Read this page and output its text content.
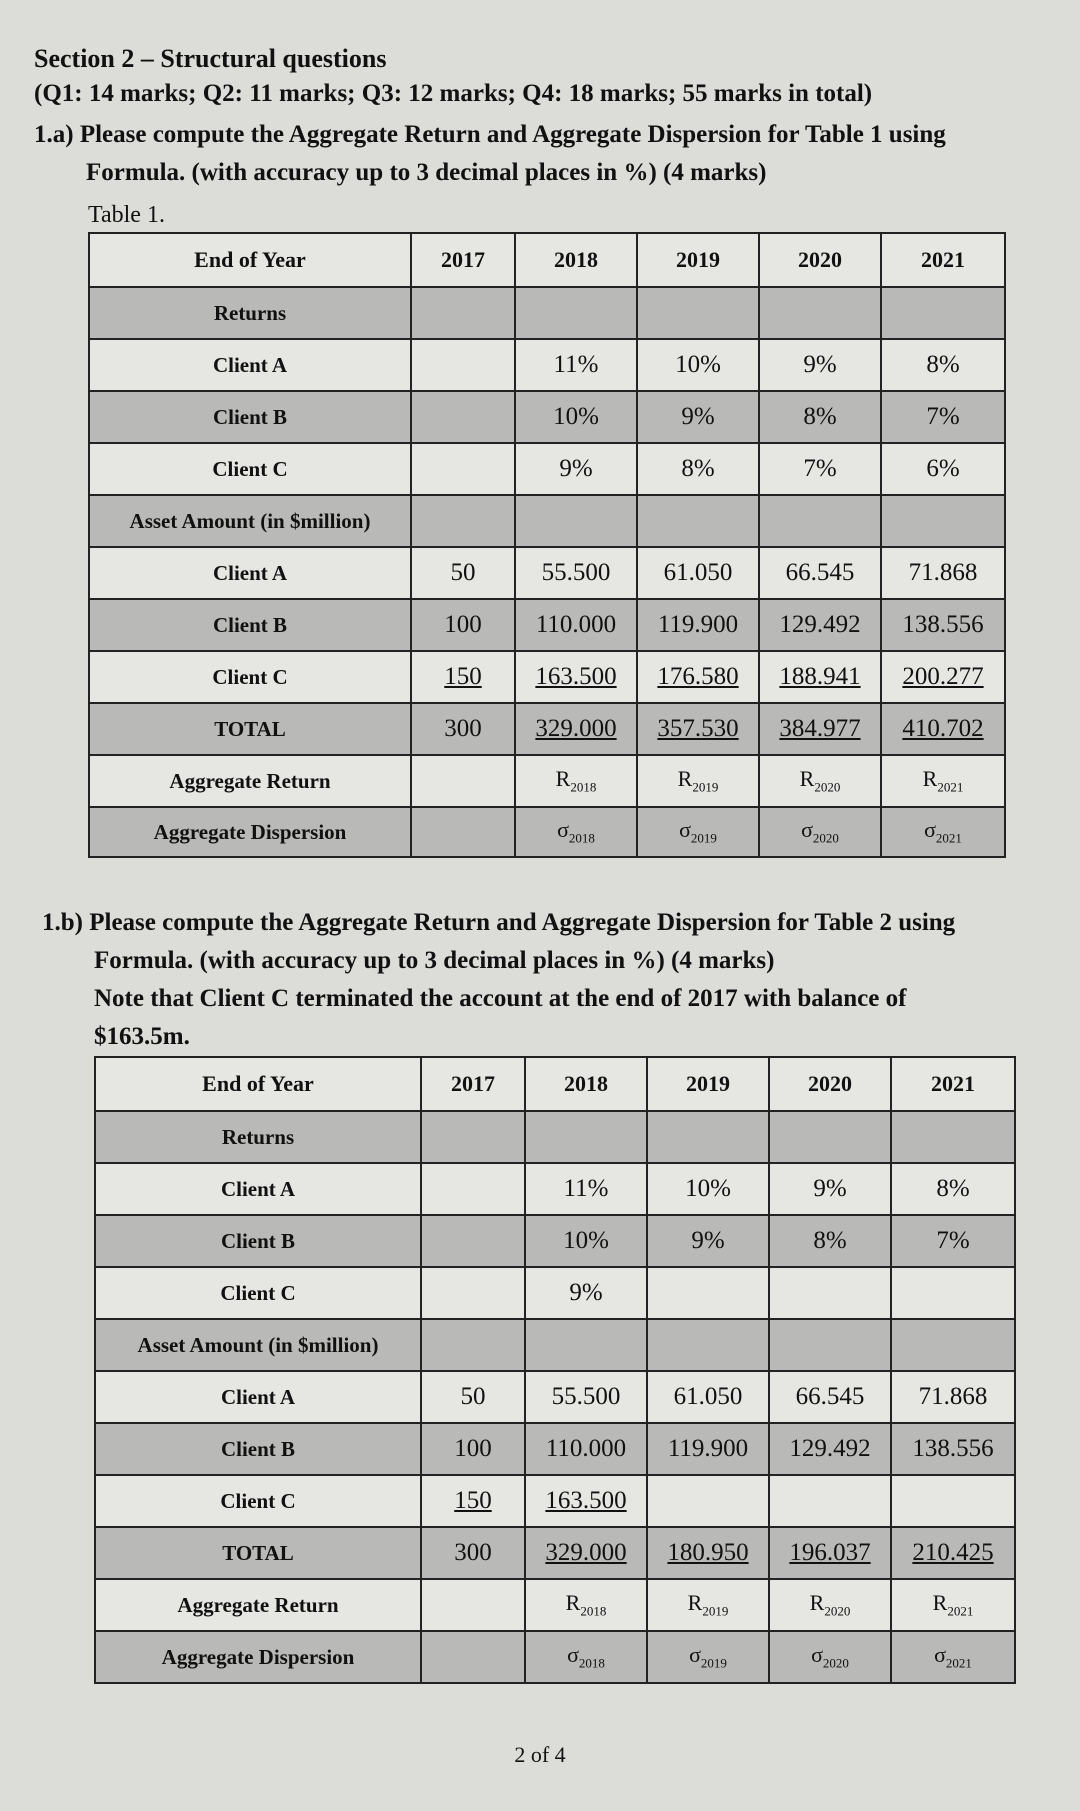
Section 2 – Structural questions
(Q1: 14 marks; Q2: 11 marks; Q3: 12 marks; Q4: 18 marks; 55 marks in total)
1.a) Please compute the Aggregate Return and Aggregate Dispersion for Table 1 using
Formula. (with accuracy up to 3 decimal places in %) (4 marks)
Table 1.
End of Year	2017	2018	2019	2020	2021
Returns					
Client A		11%	10%	9%	8%
Client B		10%	9%	8%	7%
Client C		9%	8%	7%	6%
Asset Amount (in $million)					
Client A	50	55.500	61.050	66.545	71.868
Client B	100	110.000	119.900	129.492	138.556
Client C	150	163.500	176.580	188.941	200.277
TOTAL	300	329.000	357.530	384.977	410.702
Aggregate Return		$R_{2018}$	$R_{2019}$	$R_{2020}$	$R_{2021}$
Aggregate Dispersion		$\sigma_{2018}$	$\sigma_{2019}$	$\sigma_{2020}$	$\sigma_{2021}$
1.b) Please compute the Aggregate Return and Aggregate Dispersion for Table 2 using
Formula. (with accuracy up to 3 decimal places in %) (4 marks)
Note that Client C terminated the account at the end of 2017 with balance of
$163.5m.
End of Year	2017	2018	2019	2020	2021
Returns					
Client A		11%	10%	9%	8%
Client B		10%	9%	8%	7%
Client C		9%			
Asset Amount (in $million)					
Client A	50	55.500	61.050	66.545	71.868
Client B	100	110.000	119.900	129.492	138.556
Client C	150	163.500			
TOTAL	300	329.000	180.950	196.037	210.425
Aggregate Return		$R_{2018}$	$R_{2019}$	$R_{2020}$	$R_{2021}$
Aggregate Dispersion		$\sigma_{2018}$	$\sigma_{2019}$	$\sigma_{2020}$	$\sigma_{2021}$
2 of 4
